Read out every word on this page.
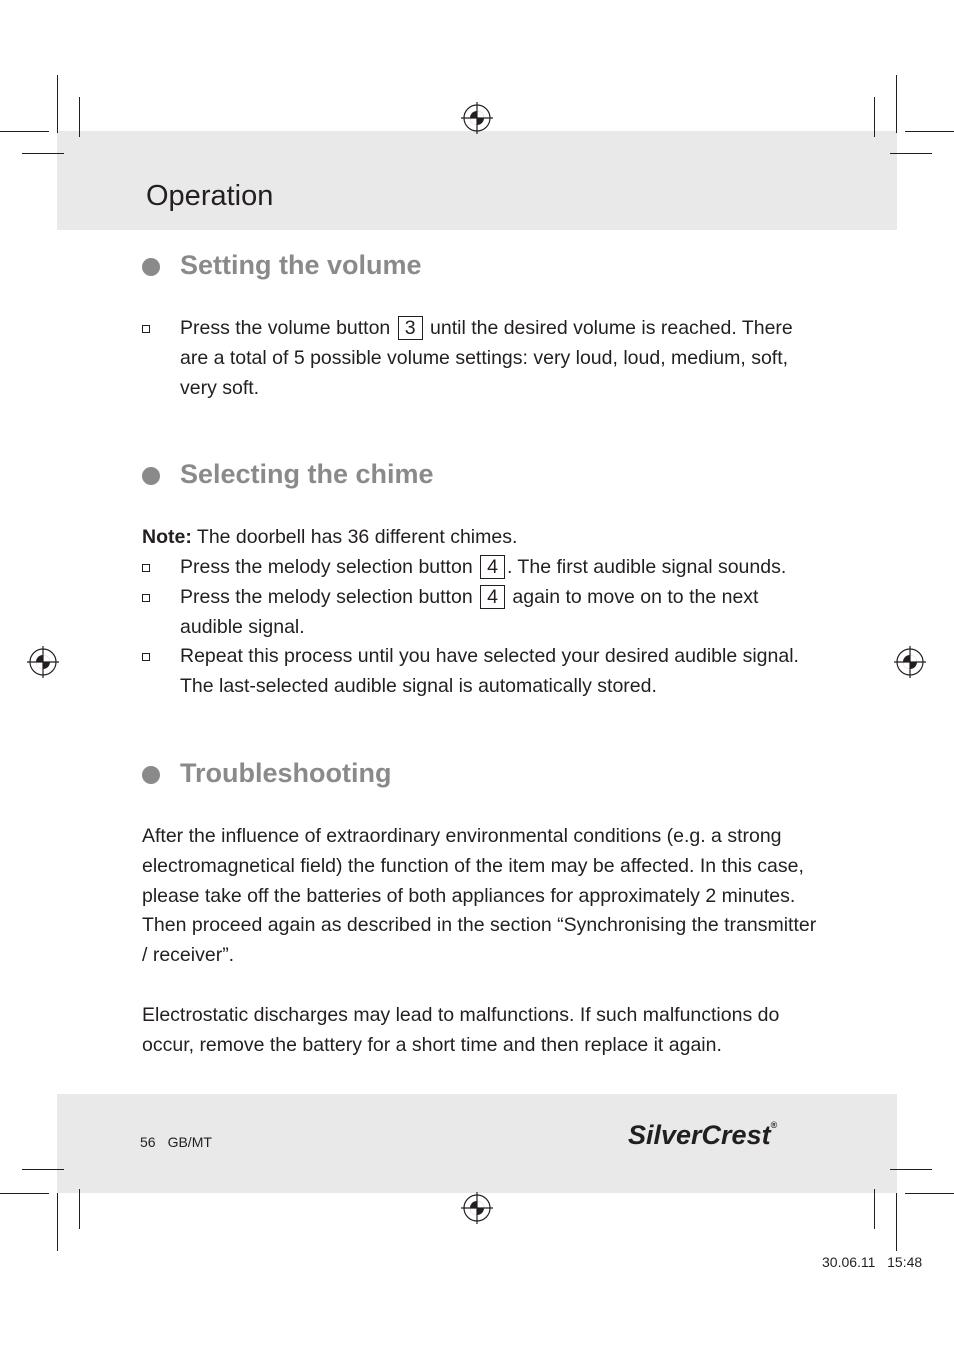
Operation
Setting the volume
Press the volume button 3 until the desired volume is reached. There are a total of 5 possible volume settings: very loud, loud, medium, soft, very soft.
Selecting the chime

Note: The doorbell has 36 different chimes.

Press the melody selection button 4 . The first audible signal sounds.
Press the melody selection button 4 again to move on to the next audible signal.
Repeat this process until you have selected your desired audible signal. The last-selected audible signal is automatically stored.
Troubleshooting

After the influence of extraordinary environmental conditions (e.g. a strong electromagnetical field) the function of the item may be affected. In this case, please take off the batteries of both appliances for approximately 2 minutes. Then proceed again as described in the section “Synchronising the transmitter / receiver”.

Electrostatic discharges may lead to malfunctions. If such malfunctions do occur, remove the battery for a short time and then replace it again.

56 GB/MT	SilverCrest®
30.06.11 15:48
